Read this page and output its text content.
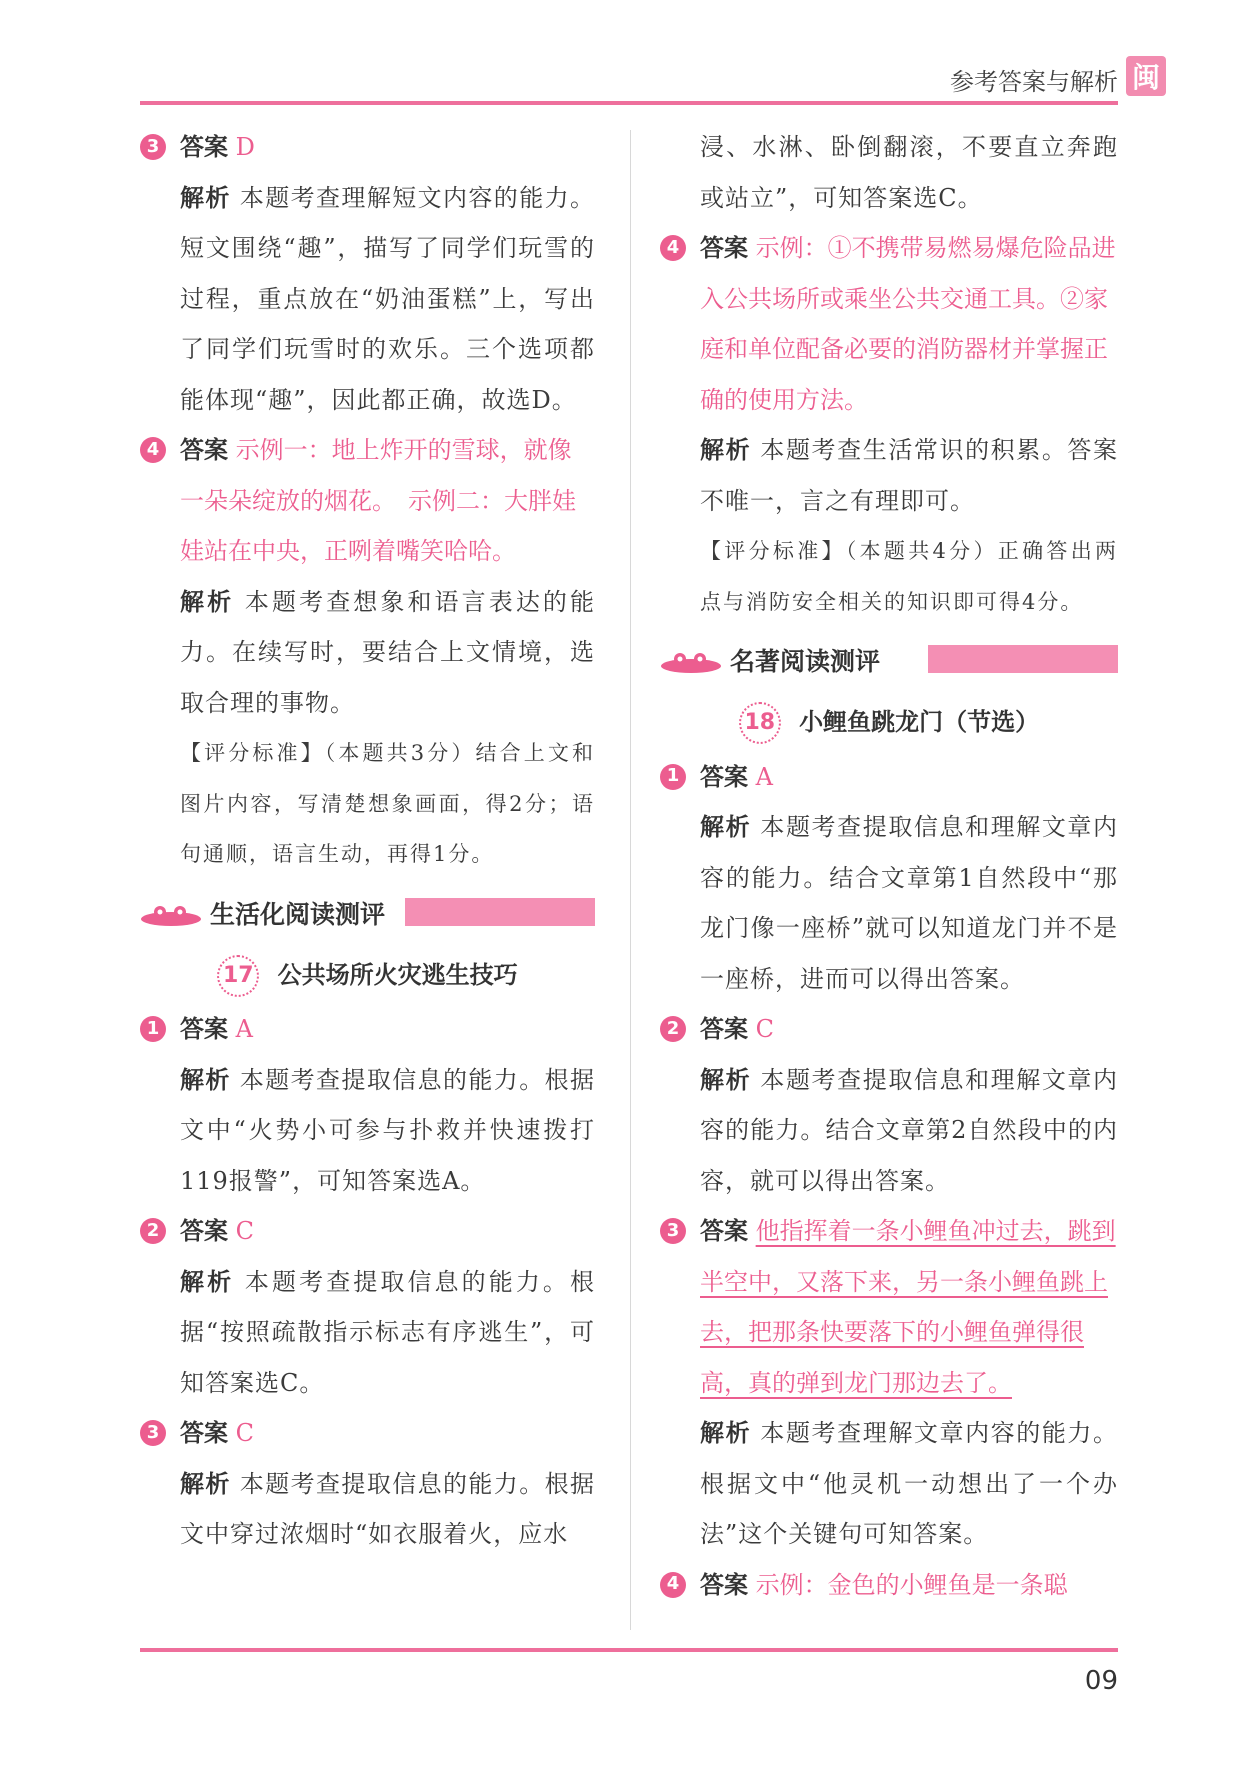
参考答案与解析 闽
3 答案 D

解析 本题考查理解短文内容的能力。短文围绕“趣”，描写了同学们玩雪的过程，重点放在“奶油蛋糕”上，写出了同学们玩雪时的欢乐。三个选项都能体现“趣”，因此都正确，故选D。

4 答案 示例一：地上炸开的雪球，就像一朵朵绽放的烟花。　示例二：大胖娃娃站在中央，正咧着嘴笑哈哈。

解析 本题考查想象和语言表达的能力。在续写时，要结合上文情境，选取合理的事物。

【评分标准】（本题共3分）结合上文和图片内容，写清楚想象画面，得2分；语句通顺，语言生动，再得1分。

生活化阅读测评
17 公共场所火灾逃生技巧
1 答案 A

解析 本题考查提取信息的能力。根据文中“火势小可参与扑救并快速拨打119报警”，可知答案选A。

2 答案 C

解析 本题考查提取信息的能力。根据“按照疏散指示标志有序逃生”，可知答案选C。

3 答案 C

解析 本题考查提取信息的能力。根据文中穿过浓烟时“如衣服着火，应水

浸、水淋、卧倒翻滚，不要直立奔跑或站立”，可知答案选C。

4 答案 示例：①不携带易燃易爆危险品进入公共场所或乘坐公共交通工具。②家庭和单位配备必要的消防器材并掌握正确的使用方法。

解析 本题考查生活常识的积累。答案不唯一，言之有理即可。

【评分标准】（本题共4分）正确答出两点与消防安全相关的知识即可得4分。

名著阅读测评
18 小鲤鱼跳龙门（节选）
1 答案 A

解析 本题考查提取信息和理解文章内容的能力。结合文章第1自然段中“那龙门像一座桥”就可以知道龙门并不是一座桥，进而可以得出答案。

2 答案 C

解析 本题考查提取信息和理解文章内容的能力。结合文章第2自然段中的内容，就可以得出答案。

3 答案 他指挥着一条小鲤鱼冲过去，跳到半空中，又落下来，另一条小鲤鱼跳上去，把那条快要落下的小鲤鱼弹得很高，真的弹到龙门那边去了。

解析 本题考查理解文章内容的能力。根据文中“他灵机一动想出了一个办法”这个关键句可知答案。

4 答案 示例：金色的小鲤鱼是一条聪
09
